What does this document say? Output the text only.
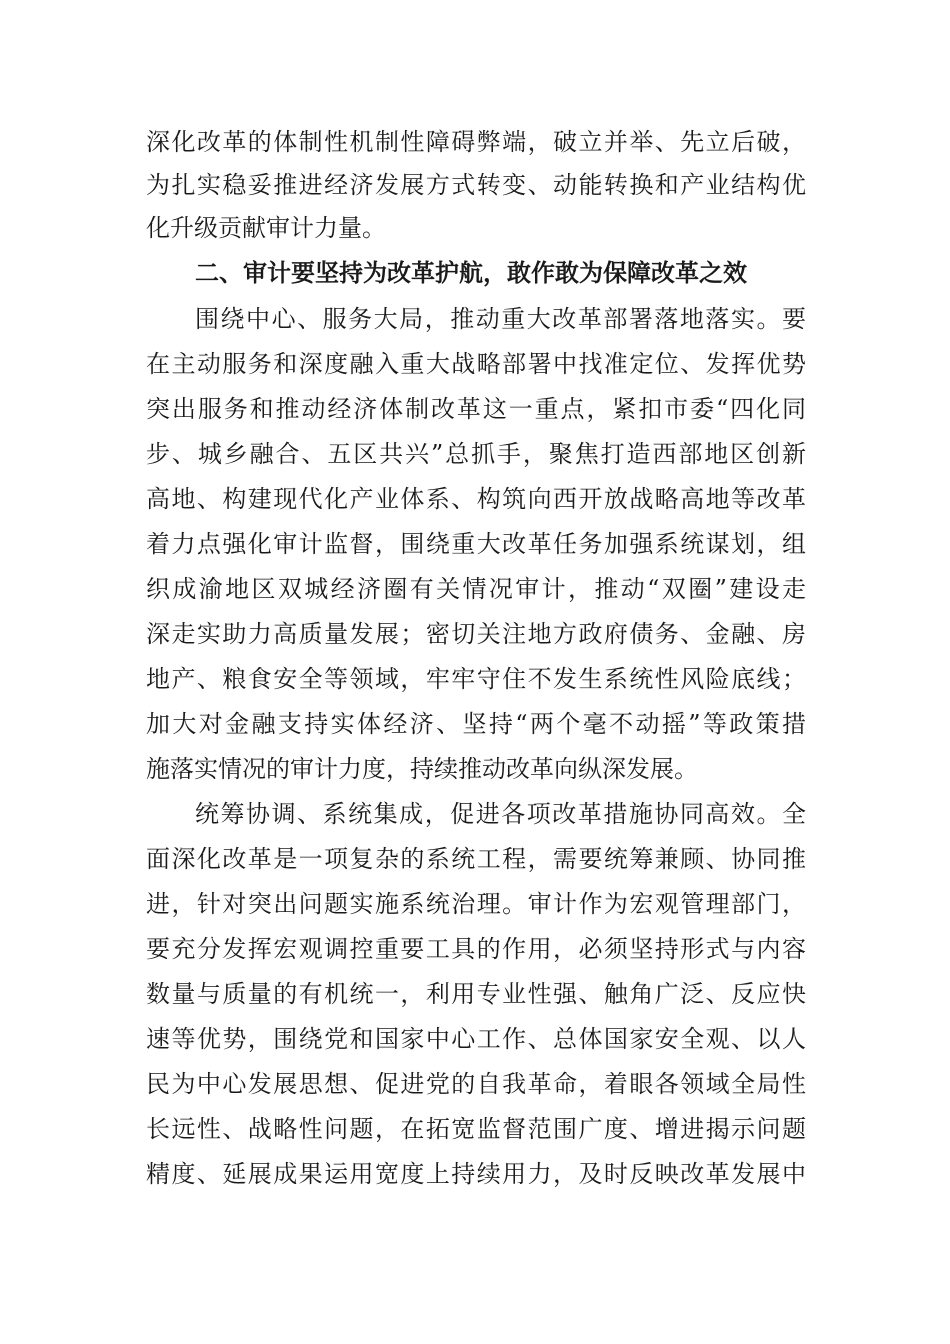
深化改革的体制性机制性障碍弊端，破立并举、先立后破，
为扎实稳妥推进经济发展方式转变、动能转换和产业结构优
化升级贡献审计力量。
二、审计要坚持为改革护航，敢作敢为保障改革之效
围绕中心、服务大局，推动重大改革部署落地落实。要
在主动服务和深度融入重大战略部署中找准定位、发挥优势
突出服务和推动经济体制改革这一重点，紧扣市委“四化同
步、城乡融合、五区共兴”总抓手，聚焦打造西部地区创新
高地、构建现代化产业体系、构筑向西开放战略高地等改革
着力点强化审计监督，围绕重大改革任务加强系统谋划，组
织成渝地区双城经济圈有关情况审计，推动“双圈”建设走
深走实助力高质量发展；密切关注地方政府债务、金融、房
地产、粮食安全等领域，牢牢守住不发生系统性风险底线；
加大对金融支持实体经济、坚持“两个毫不动摇”等政策措
施落实情况的审计力度，持续推动改革向纵深发展。
统筹协调、系统集成，促进各项改革措施协同高效。全
面深化改革是一项复杂的系统工程，需要统筹兼顾、协同推
进，针对突出问题实施系统治理。审计作为宏观管理部门，
要充分发挥宏观调控重要工具的作用，必须坚持形式与内容
数量与质量的有机统一，利用专业性强、触角广泛、反应快
速等优势，围绕党和国家中心工作、总体国家安全观、以人
民为中心发展思想、促进党的自我革命，着眼各领域全局性
长远性、战略性问题，在拓宽监督范围广度、增进揭示问题
精度、延展成果运用宽度上持续用力，及时反映改革发展中
